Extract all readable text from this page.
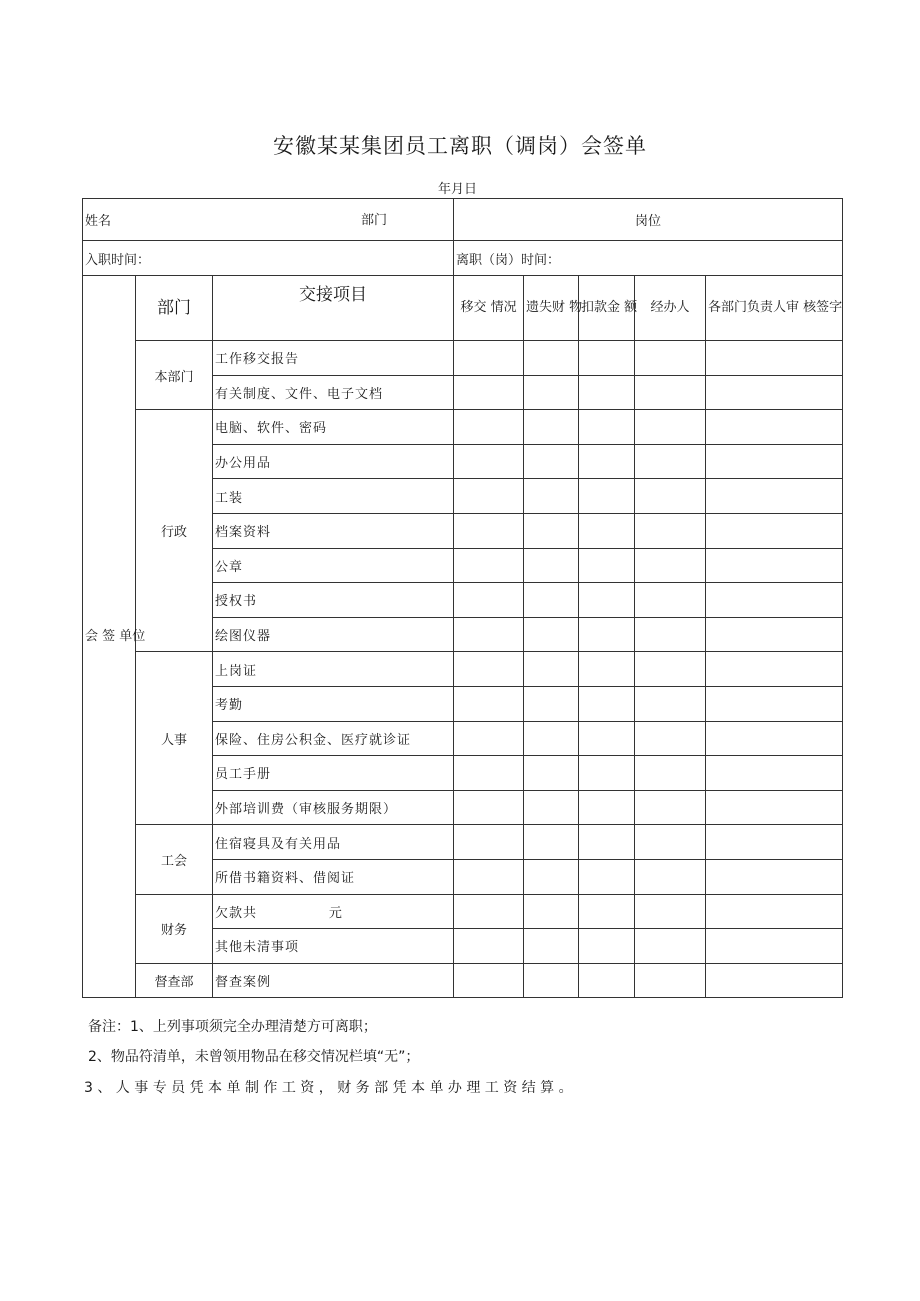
安徽某某集团员工离职（调岗）会签单
年月日
姓名 部门			岗位				
入职时间：			离职（岗）时间：				
会 签 单位	部门	交接项目	移交 情况	遗失财 物	扣款金 额	经办人	各部门负责人审 核签字
	本部门	工作移交报告					
		有关制度、文件、电子文档					
	行政	电脑、软件、密码					
		办公用品					
		工装					
		档案资料					
		公章					
		授权书					
		绘图仪器					
	人事	上岗证					
		考勤					
		保险、住房公积金、医疗就诊证					
		员工手册					
		外部培训费（审核服务期限）					
	工会	住宿寝具及有关用品					
		所借书籍资料、借阅证					
	财务	欠款共              元					
		其他未清事项					
	督查部	督查案例					
备注：1、上列事项须完全办理清楚方可离职；
2、物品符清单，未曾领用物品在移交情况栏填“无”；
3 、 人 事 专 员 凭 本 单 制 作 工 资 ， 财 务 部 凭 本 单 办 理 工 资 结 算 。
